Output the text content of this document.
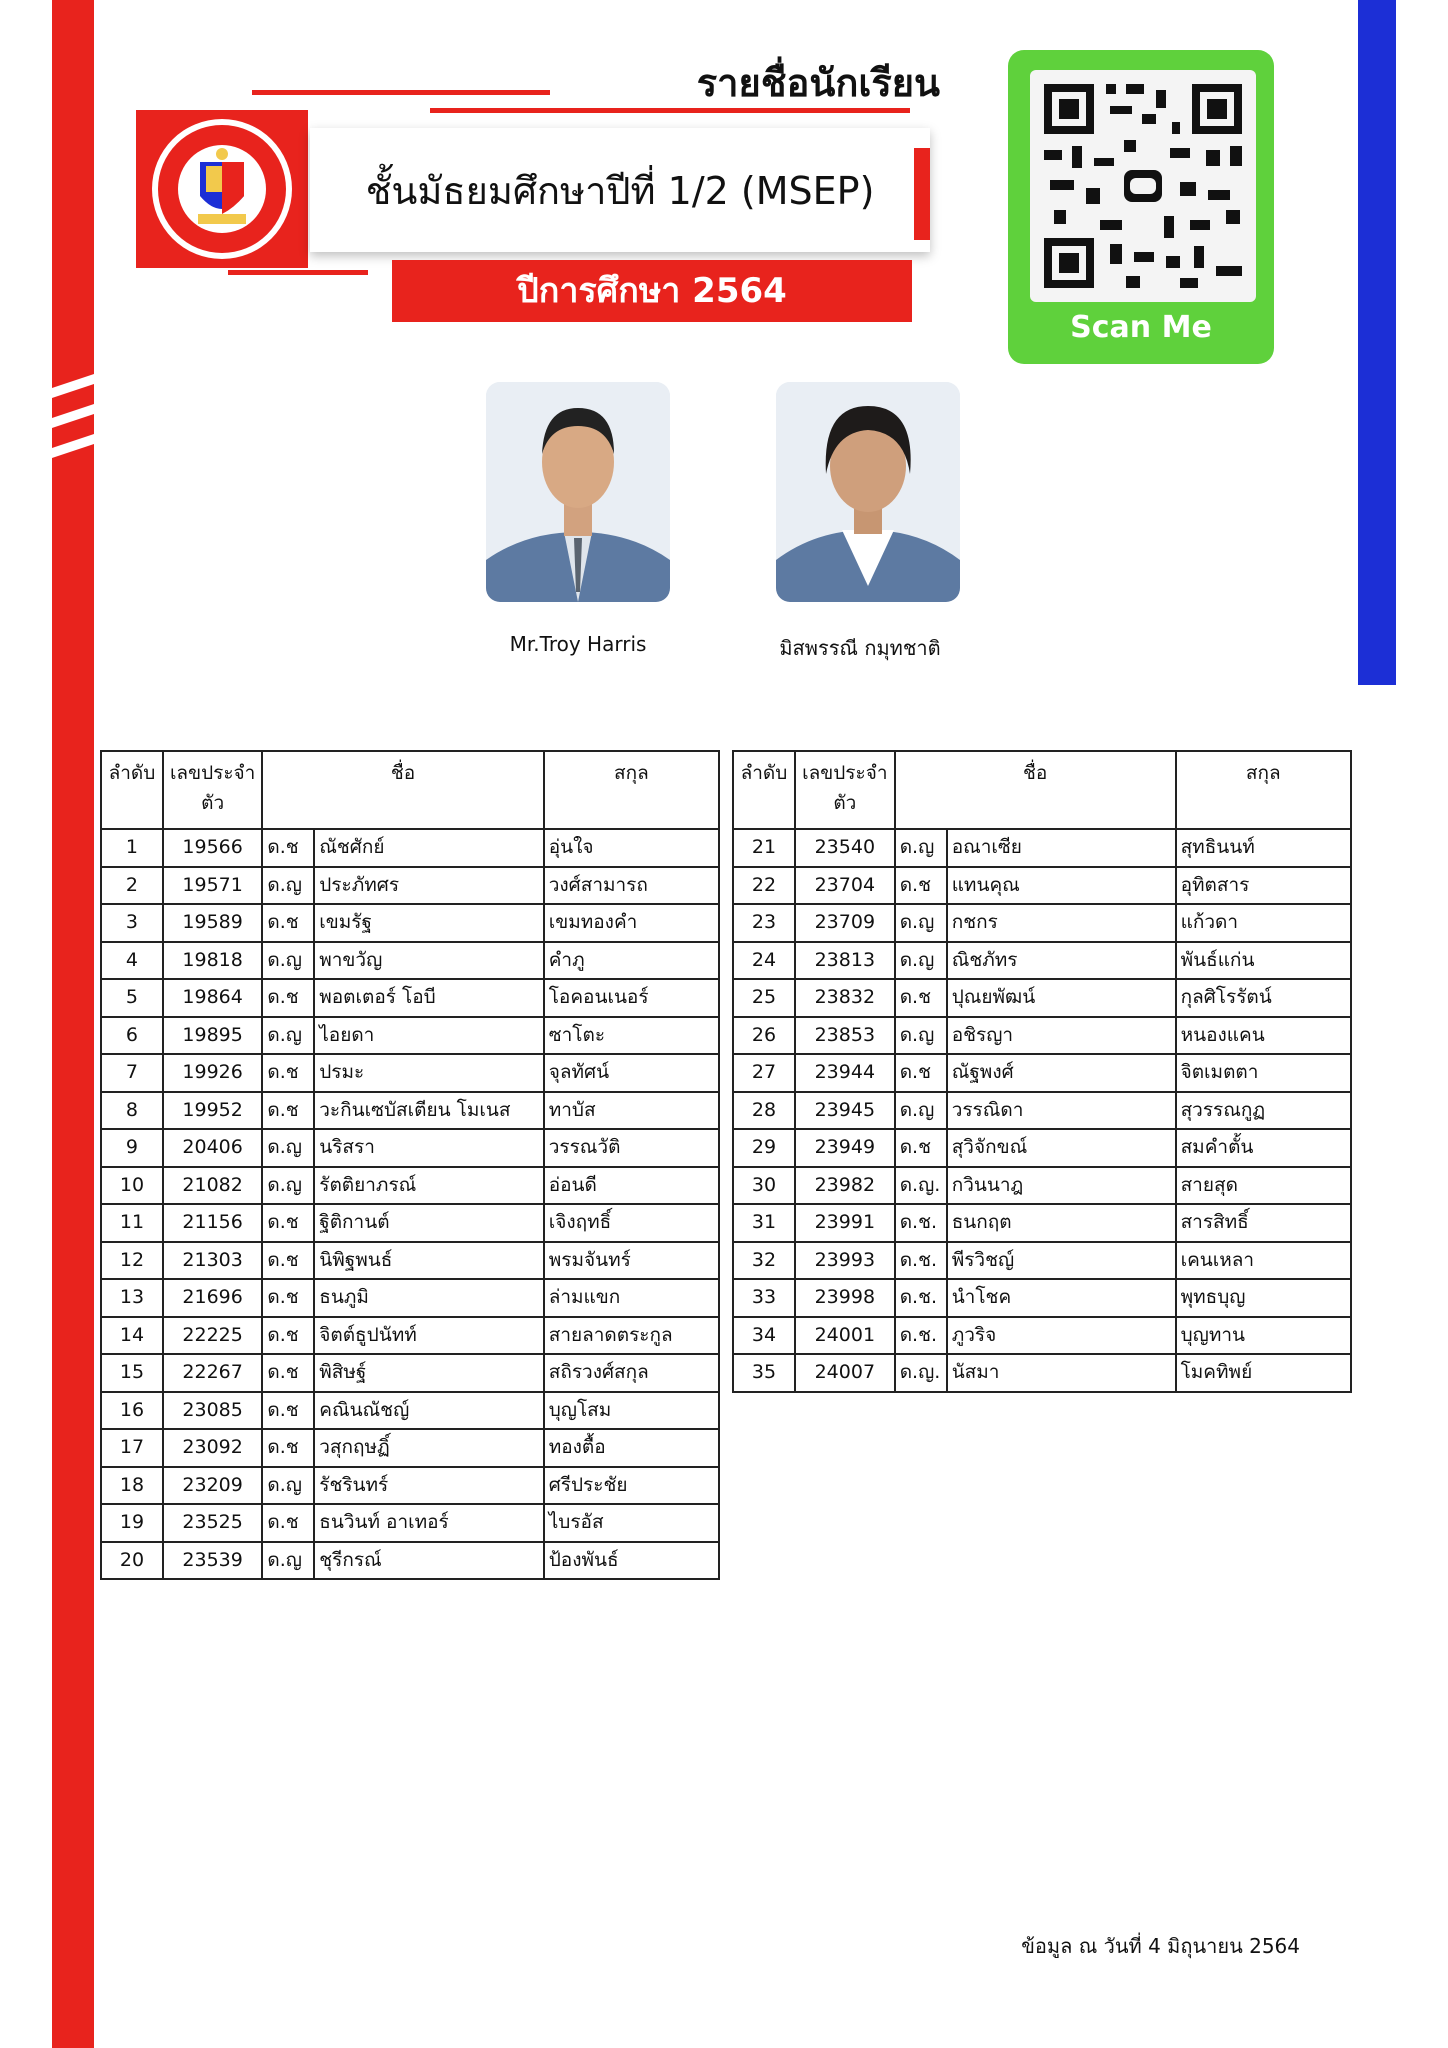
รายชื่อนักเรียน
ชั้นมัธยมศึกษาปีที่ 1/2 (MSEP)
ปีการศึกษา 2564
Scan Me
Mr.Troy Harris	มิสพรรณี กมุทชาติ
ลำดับ	เลขประจำตัว	ชื่อ		สกุล
1	19566	ด.ช	ณัชศักย์	อุ่นใจ
2	19571	ด.ญ	ประภัทศร	วงศ์สามารถ
3	19589	ด.ช	เขมรัฐ	เขมทองคำ
4	19818	ด.ญ	พาขวัญ	คำภู
5	19864	ด.ช	พอตเตอร์ โอบี	โอคอนเนอร์
6	19895	ด.ญ	ไอยดา	ซาโตะ
7	19926	ด.ช	ปรมะ	จุลทัศน์
8	19952	ด.ช	วะกินเซบัสเตียน โมเนส	ทาบัส
9	20406	ด.ญ	นริสรา	วรรณวัติ
10	21082	ด.ญ	รัตติยาภรณ์	อ่อนดี
11	21156	ด.ช	ฐิติกานต์	เจิงฤทธิ์
12	21303	ด.ช	นิพิฐพนธ์	พรมจันทร์
13	21696	ด.ช	ธนภูมิ	ล่ามแขก
14	22225	ด.ช	จิตต์ธูปนัทท์	สายลาดตระกูล
15	22267	ด.ช	พิสิษฐ์	สถิรวงศ์สกุล
16	23085	ด.ช	คณินณัชญ์	บุญโสม
17	23092	ด.ช	วสุกฤษฏิ์	ทองตื้อ
18	23209	ด.ญ	รัชรินทร์	ศรีประชัย
19	23525	ด.ช	ธนวินท์ อาเทอร์	ไบรอัส
20	23539	ด.ญ	ชุรีกรณ์	ป้องพันธ์
ลำดับ	เลขประจำตัว	ชื่อ		สกุล
21	23540	ด.ญ	อณาเซีย	สุทธินนท์
22	23704	ด.ช	แทนคุณ	อุทิตสาร
23	23709	ด.ญ	กชกร	แก้วดา
24	23813	ด.ญ	ณิชภัทร	พันธ์แก่น
25	23832	ด.ช	ปุณยพัฒน์	กุลศิโรรัตน์
26	23853	ด.ญ	อชิรญา	หนองแคน
27	23944	ด.ช	ณัฐพงศ์	จิตเมตตา
28	23945	ด.ญ	วรรณิดา	สุวรรณกูฏ
29	23949	ด.ช	สุวิจักขณ์	สมคำตั้น
30	23982	ด.ญ.	กวินนาฎ	สายสุด
31	23991	ด.ช.	ธนกฤต	สารสิทธิ์
32	23993	ด.ช.	พีรวิชญ์	เคนเหลา
33	23998	ด.ช.	นำโชค	พุทธบุญ
34	24001	ด.ช.	ภูวริจ	บุญทาน
35	24007	ด.ญ.	นัสมา	โมคทิพย์
ข้อมูล ณ วันที่ 4 มิถุนายน 2564
